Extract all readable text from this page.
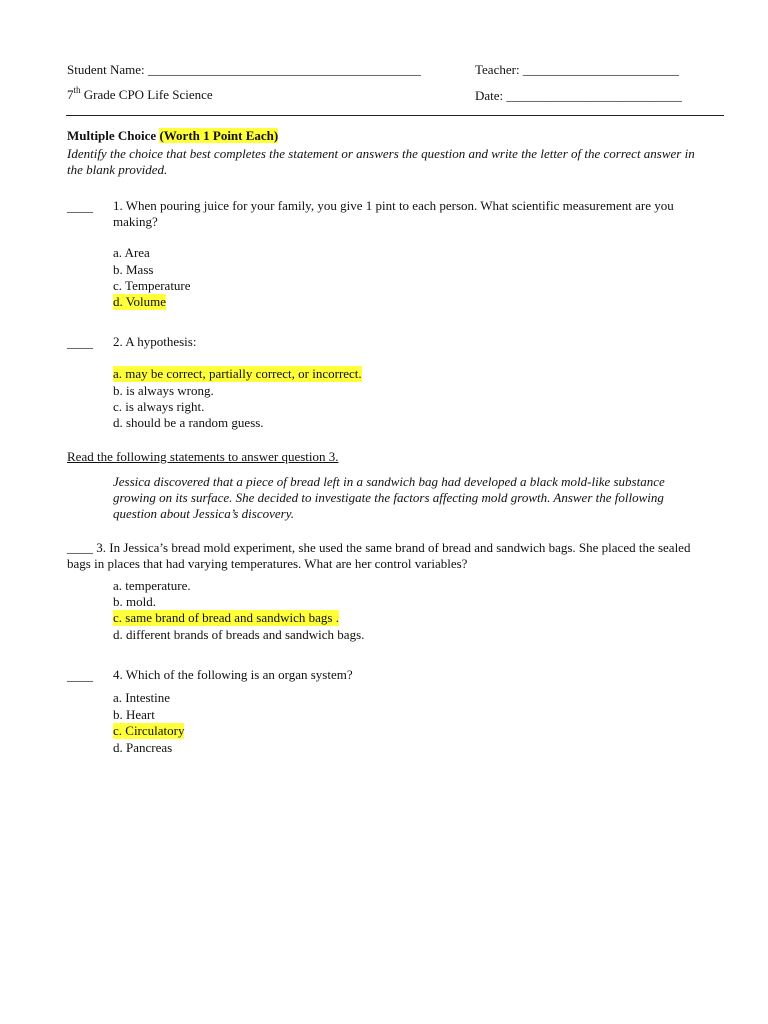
Student Name: __________________________________________	Teacher: ________________________
7th Grade CPO Life Science	Date: ___________________________
Multiple Choice (Worth 1 Point Each)
Identify the choice that best completes the statement or answers the question and write the letter of the correct answer in the blank provided.
____ 1. When pouring juice for your family, you give 1 pint to each person. What scientific measurement are you making?
a. Area
b. Mass
c. Temperature
d. Volume
____ 2. A hypothesis:
a. may be correct, partially correct, or incorrect.
b. is always wrong.
c. is always right.
d. should be a random guess.
Read the following statements to answer question 3.
Jessica discovered that a piece of bread left in a sandwich bag had developed a black mold-like substance growing on its surface. She decided to investigate the factors affecting mold growth. Answer the following question about Jessica’s discovery.
____ 3. In Jessica’s bread mold experiment, she used the same brand of bread and sandwich bags. She placed the sealed bags in places that had varying temperatures. What are her control variables?
a. temperature.
b. mold.
c. same brand of bread and sandwich bags .
d. different brands of breads and sandwich bags.
____ 4. Which of the following is an organ system?
a. Intestine
b. Heart
c. Circulatory
d. Pancreas
